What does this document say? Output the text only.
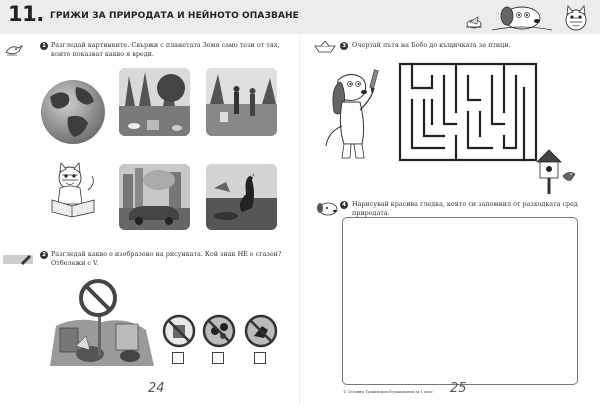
11. ГРИЖИ ЗА ПРИРОДАТА И НЕЙНОТО ОПАЗВАНЕ
1 Разгледай картинките. Свържи с планетата Земя само тези от тях,
които показват какво я вреди.
2 Разгледай какво е изобразено на рисунката. Кой знак НЕ е сгазен?
Отбележи с V.
24
3 Очертай пътя на Бобо до къщичката за птици.
4 Нарисувай красива гледка, която си запомнил от разходката сред природата.
© Сезонни Тракийския Редакционни за 1 клас 25
